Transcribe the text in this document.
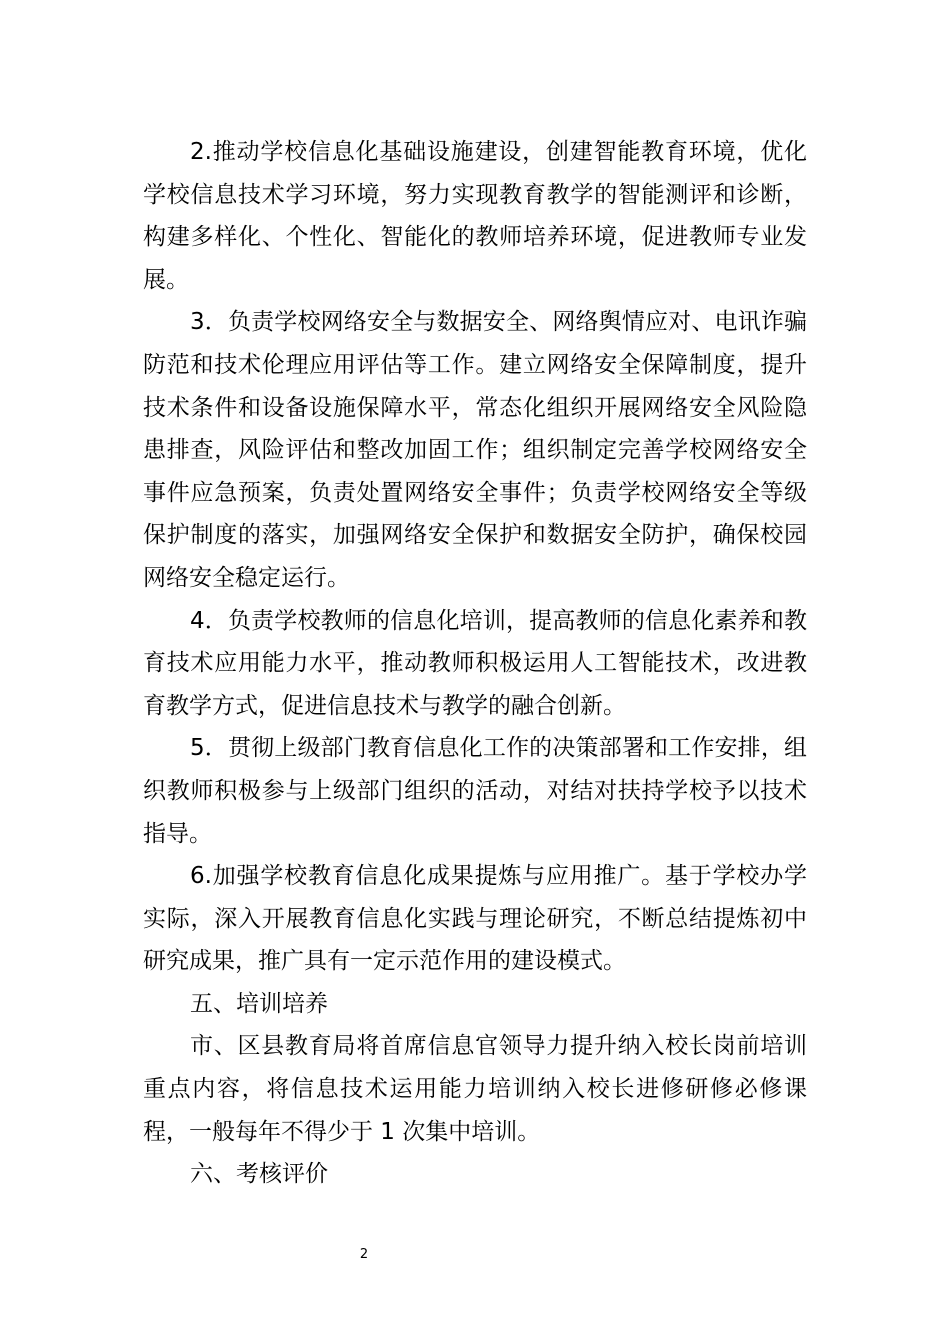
2.推动学校信息化基础设施建设，创建智能教育环境，优化学校信息技术学习环境，努力实现教育教学的智能测评和诊断，构建多样化、个性化、智能化的教师培养环境，促进教师专业发展。

3．负责学校网络安全与数据安全、网络舆情应对、电讯诈骗防范和技术伦理应用评估等工作。建立网络安全保障制度，提升技术条件和设备设施保障水平，常态化组织开展网络安全风险隐患排查，风险评估和整改加固工作；组织制定完善学校网络安全事件应急预案，负责处置网络安全事件；负责学校网络安全等级保护制度的落实，加强网络安全保护和数据安全防护，确保校园网络安全稳定运行。

4．负责学校教师的信息化培训，提高教师的信息化素养和教育技术应用能力水平，推动教师积极运用人工智能技术，改进教育教学方式，促进信息技术与教学的融合创新。

5．贯彻上级部门教育信息化工作的决策部署和工作安排，组织教师积极参与上级部门组织的活动，对结对扶持学校予以技术指导。

6.加强学校教育信息化成果提炼与应用推广。基于学校办学实际，深入开展教育信息化实践与理论研究，不断总结提炼初中研究成果，推广具有一定示范作用的建设模式。

五、培训培养

市、区县教育局将首席信息官领导力提升纳入校长岗前培训重点内容，将信息技术运用能力培训纳入校长进修研修必修课程，一般每年不得少于 1 次集中培训。

六、考核评价

2
